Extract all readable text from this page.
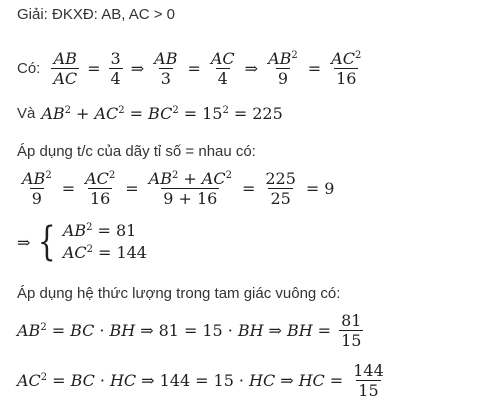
Giải: ĐKXĐ: AB, AC > 0
Có: $\frac{AB}{AC} = \frac{3}{4}$ ⇒ $\frac{AB}{3} = \frac{AC}{4}$ ⇒ $\frac{AB^2}{9} = \frac{AC^2}{16}$
Và $AB^2 + AC^2 = BC^2 = 15^2 = 225$
Áp dụng t/c của dãy tỉ số = nhau có:
$\frac{AB^2}{9} = \frac{AC^2}{16} = \frac{AB^2 + AC^2}{9 + 16} = \frac{225}{25} = 9$
⇒ { $AB^2 = 81$
$AC^2 = 144$
Áp dụng hệ thức lượng trong tam giác vuông có:
$AB^2$ = BC · BH ⇒ 81 = 15 · BH ⇒ BH = $\frac{81}{15}$
$AC^2$ = BC · HC ⇒ 144 = 15 · HC ⇒ HC = $\frac{144}{15}$
